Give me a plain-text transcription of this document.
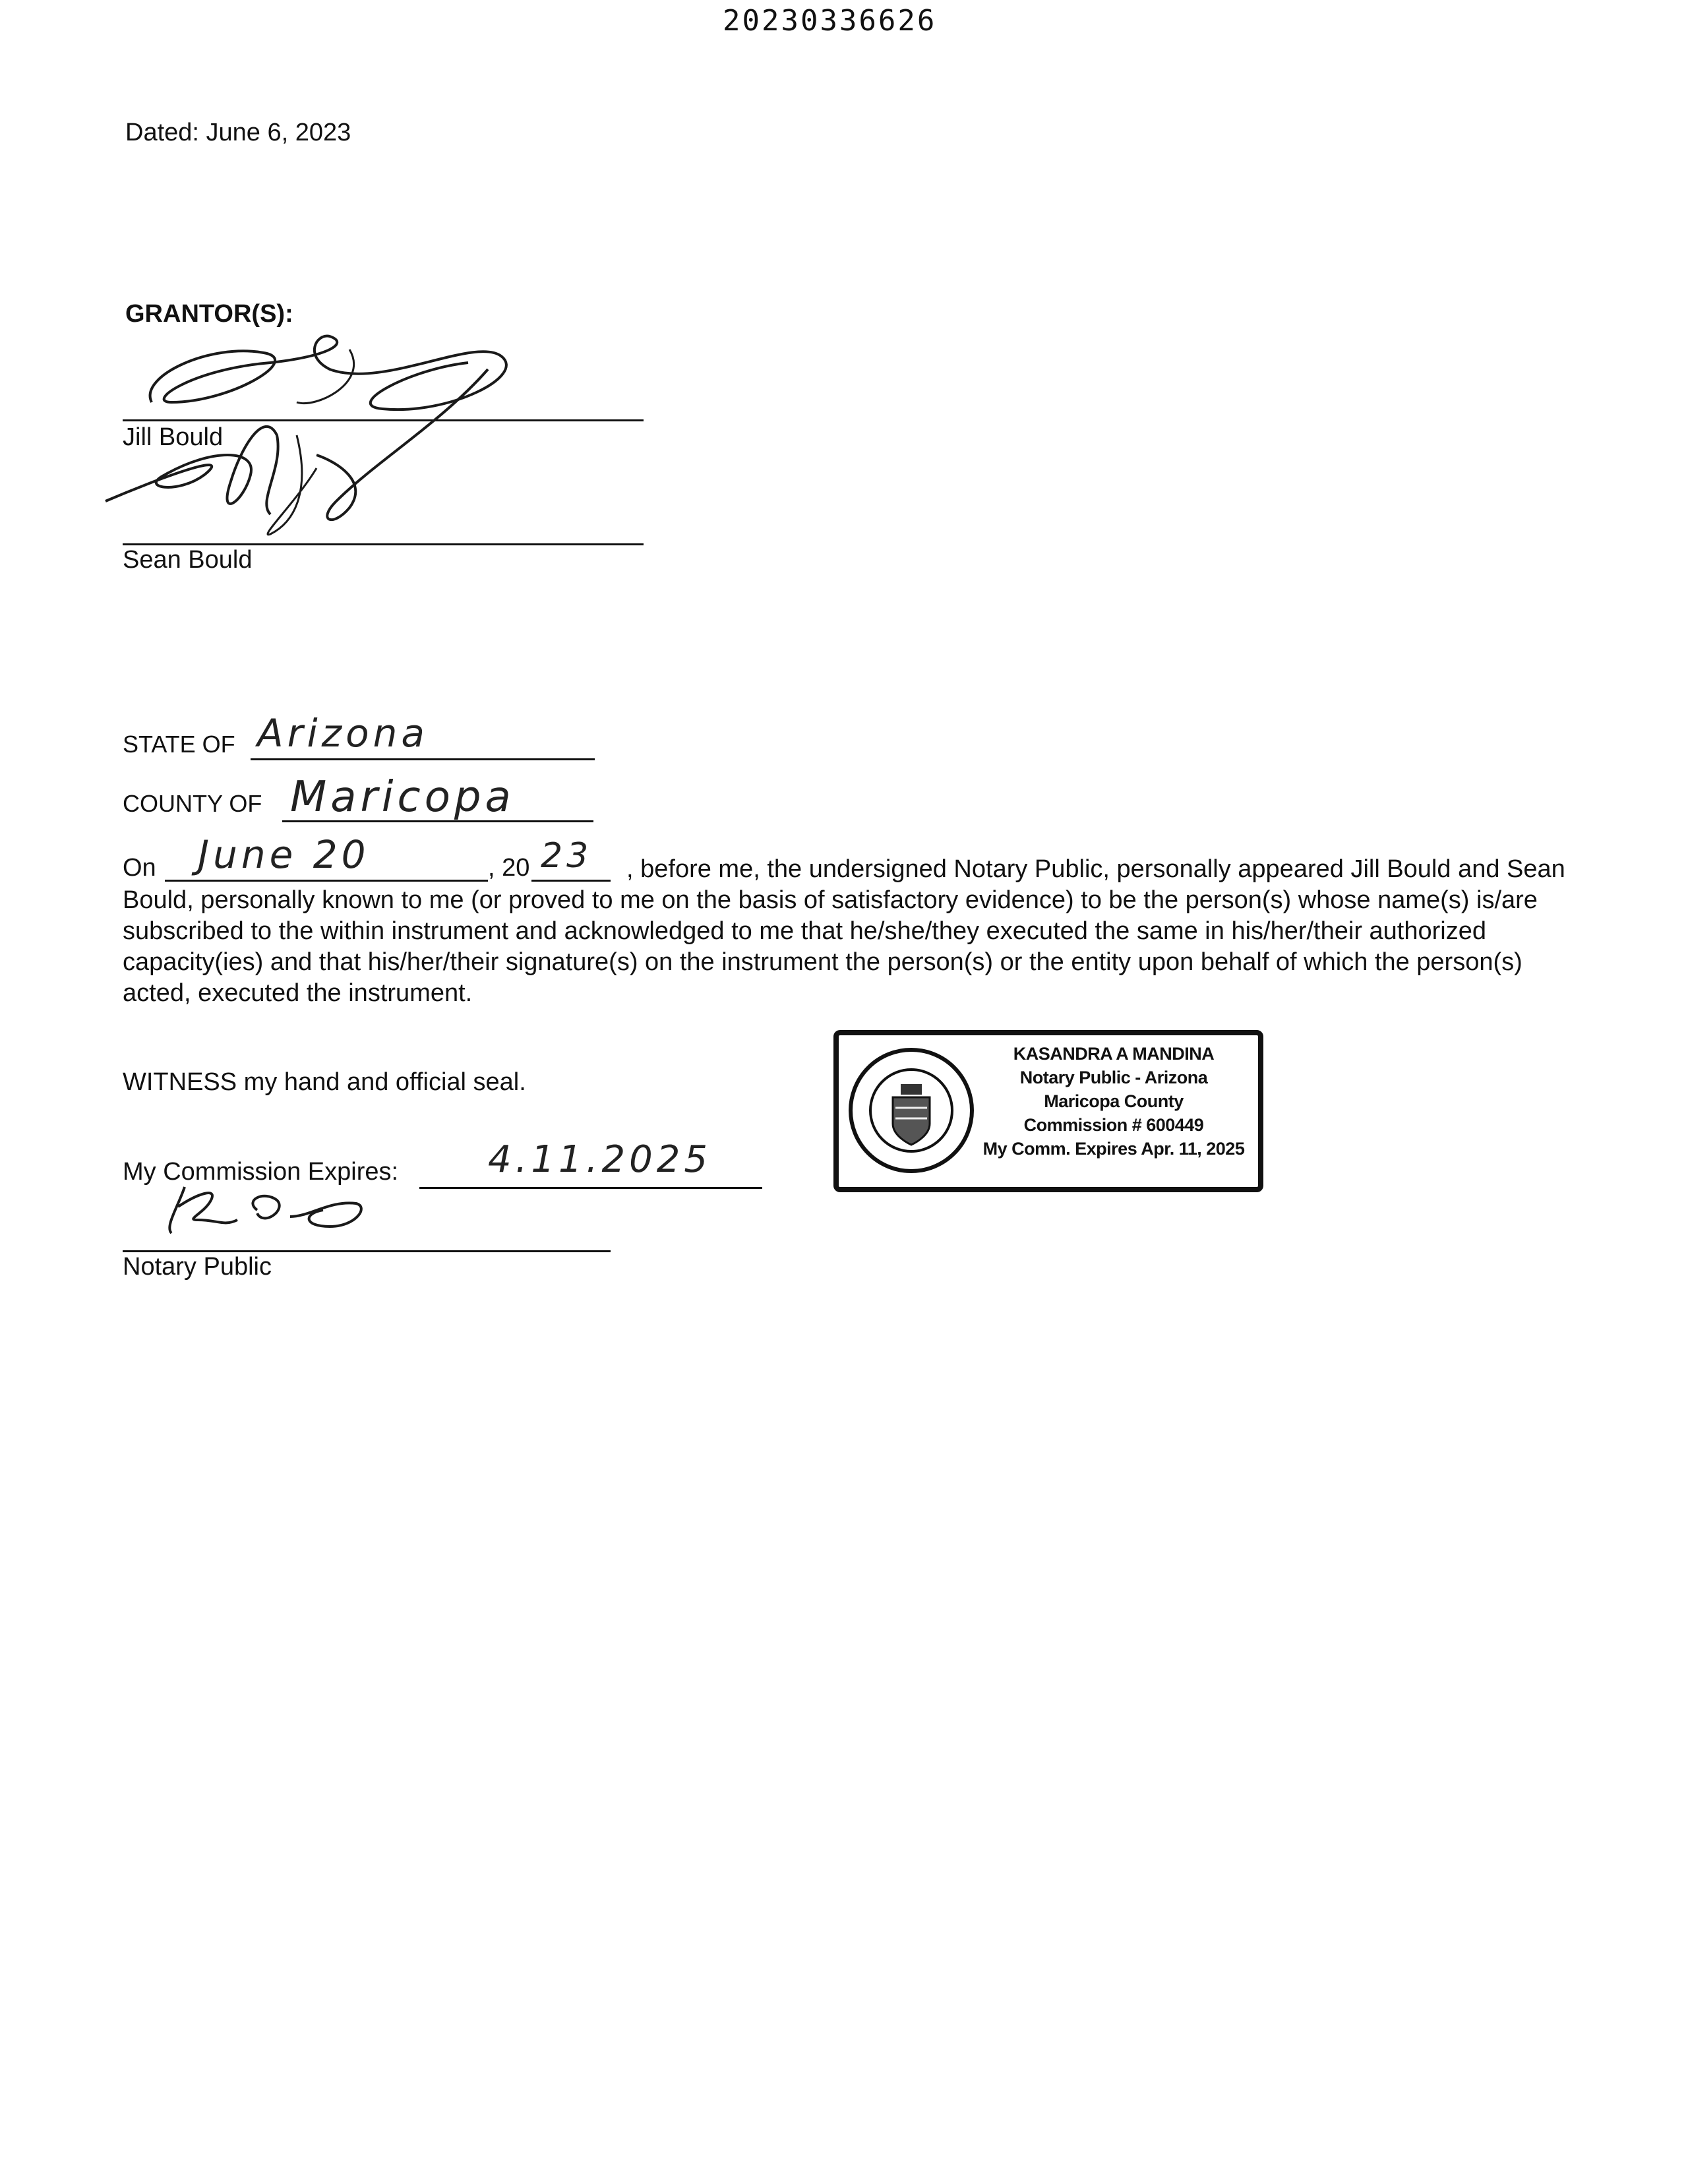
20230336626
Dated: June 6, 2023
GRANTOR(S):
Jill Bould
Sean Bould
STATE OF Arizona
COUNTY OF Maricopa
On June 20	, 20 23	, before me, the undersigned Notary Public, personally appeared Jill Bould and Sean Bould, personally known to me (or proved to me on the basis of satisfactory evidence) to be the person(s) whose name(s) is/are subscribed to the within instrument and acknowledged to me that he/she/they executed the same in his/her/their authorized capacity(ies) and that his/her/their signature(s) on the instrument the person(s) or the entity upon behalf of which the person(s) acted, executed the instrument.
WITNESS my hand and official seal.
My Commission Expires: 4.11.2025
Notary Public
KASANDRA A MANDINA
Notary Public - Arizona
Maricopa County
Commission # 600449
My Comm. Expires Apr. 11, 2025
